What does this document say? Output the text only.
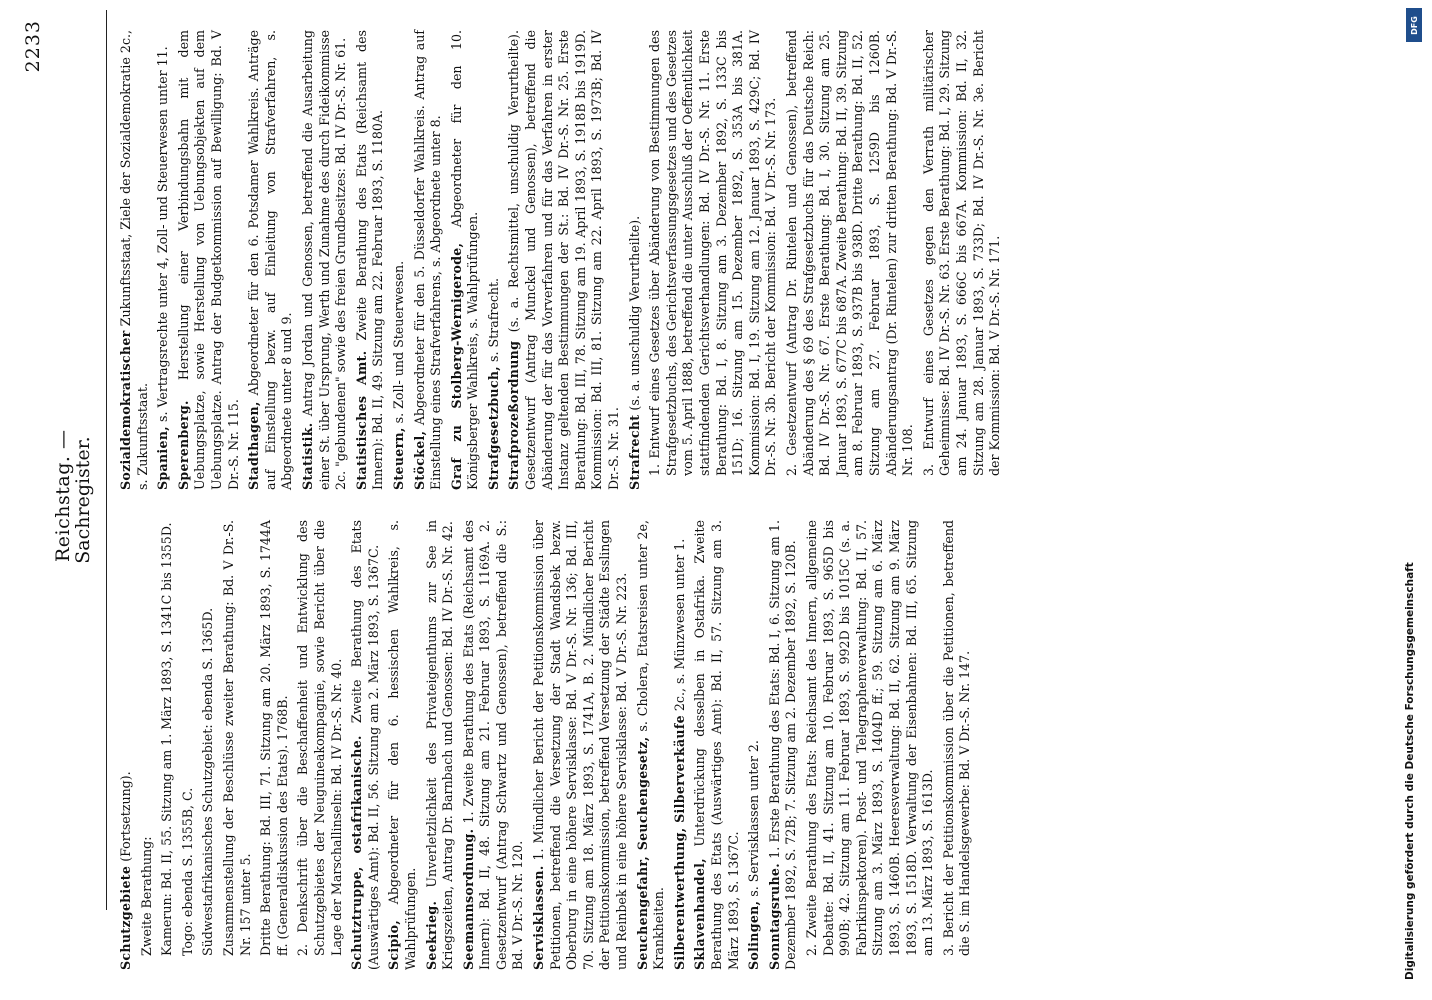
Reichstag. —
Sachregister.
2233
Schutzgebiete (Fortsetzung).
Zweite Berathung: Kamerun: Bd. II, 55. Sitzung am 1. März 1893, S. 1341C bis 1355D. Togo: ebenda S. 1355B, C. Südwestafrikanisches Schutzgebiet: ebenda S. 1365D. Zusammenstellung der Beschlüsse zweiter Berathung: Bd. V Dr.-S. Nr. 157 unter 5. Dritte Berathung: Bd. III, 71. Sitzung am 20. März 1893, S. 1744A ff. (Generaldiskussion des Etats). 1768B. 2. Denkschrift über die Beschaffenheit und Entwicklung des Schutzgebietes der Neuguineakompagnie, sowie Bericht über die Lage der Marschallinseln: Bd. IV Dr.-S. Nr. 40. Schutztruppe, ostafrikanische. Zweite Berathung des Etats (Auswärtiges Amt): Bd. II, 56. Sitzung am 2. März 1893, S. 1367C. Scipio, Abgeordneter für den 6. hessischen Wahlkreis, s. Wahlprüfungen. Seekrieg. Unverletzlichkeit des Privateigenthums zur See in Kriegszeiten, Antrag Dr. Barnbach und Genossen: Bd. IV Dr.-S. Nr. 42. Seemannsordnung. 1. Zweite Berathung des Etats (Reichsamt des Innern): Bd. II, 48. Sitzung am 21. Februar 1893, S. 1169A. 2. Gesetzentwurf (Antrag Schwartz und Genossen), betreffend die S.: Bd. V Dr.-S. Nr. 120. Servisklassen. 1. Mündlicher Bericht der Petitionskommission über Petitionen, betreffend die Versetzung der Stadt Wandsbek bezw. Oberburg in eine höhere Servisklasse: Bd. V Dr.-S. Nr. 136; Bd. III, 70. Sitzung am 18. März 1893, S. 1741A, B. 2. Mündlicher Bericht der Petitionskommission, betreffend Versetzung der Städte Esslingen und Reinbek in eine höhere Servisklasse: Bd. V Dr.-S. Nr. 223. Seuchengefahr, Seuchengesetz, s. Cholera, Etatsreisen unter 2e, Krankheiten. Silberentwerthung, Silberverkäufe 2c., s. Münzwesen unter 1.
Sklavenhandel, Unterdrückung desselben in Ostafrika. Zweite Berathung des Etats (Auswärtiges Amt): Bd. II, 57. Sitzung am 3. März 1893, S. 1367C. Solingen, s. Servisklassen unter 2.
Sonntagsruhe. 1. Erste Berathung des Etats: Bd. I, 6. Sitzung am 1. Dezember 1892, S. 72B; 7. Sitzung am 2. Dezember 1892, S. 120B. 2. Zweite Berathung des Etats: Reichsamt des Innern, allgemeine Debatte: Bd. II, 41. Sitzung am 10. Februar 1893, S. 965D bis 990B; 42. Sitzung am 11. Februar 1893, S. 992D bis 1015C (s. a. Fabrikinspektoren). Post- und Telegraphenverwaltung: Bd. II, 57. Sitzung am 3. März 1893, S. 1404D ff.; 59. Sitzung am 6. März 1893, S. 1460B. Heeresverwaltung: Bd. II, 62. Sitzung am 9. März 1893, S. 1518D. Verwaltung der Eisenbahnen: Bd. III, 65. Sitzung am 13. März 1893, S. 1613D. 3. Bericht der Petitionskommission über die Petitionen, betreffend die S. im Handelsgewerbe: Bd. V Dr.-S. Nr. 147.
Sozialdemokratischer Zukunftsstaat, Ziele der Sozialdemokratie 2c., s. Zukunftsstaat. Spanien, s. Vertragsrechte unter 4, Zoll- und Steuerwesen unter 11.
Sperenberg. Herstellung einer Verbindungsbahn mit dem Uebungsplatze, sowie Herstellung von Uebungsobjekten auf dem Uebungsplatze. Antrag der Budgetkommission auf Bewilligung: Bd. V Dr.-S. Nr. 115. Stadthagen, Abgeordneter für den 6. Potsdamer Wahlkreis. Anträge auf Einstellung bezw. auf Einleitung von Strafverfahren, s. Abgeordnete unter 8 und 9. Statistik. Antrag Jordan und Genossen, betreffend die Ausarbeitung einer St. über Ursprung, Werth und Zunahme des durch Fideikommisse 2c. "gebundenen" sowie des freien Grundbesitzes: Bd. IV Dr.-S. Nr. 61. Statistisches Amt. Zweite Berathung des Etats (Reichsamt des Innern): Bd. II, 49. Sitzung am 22. Februar 1893, S. 1180A. Steuern, s. Zoll- und Steuerwesen.
Stöckel, Abgeordneter für den 5. Düsseldorfer Wahlkreis. Antrag auf Einstellung eines Strafverfahrens, s. Abgeordnete unter 8. Graf zu Stolberg-Wernigerode, Abgeordneter für den 10. Königsberger Wahlkreis, s. Wahlprüfungen. Strafgesetzbuch, s. Strafrecht.
Strafprozeßordnung (s. a. Rechtsmittel, unschuldig Verurtheilte). Gesetzentwurf (Antrag Munckel und Genossen), betreffend die Abänderung der für das Vorverfahren und für das Verfahren in erster Instanz geltenden Bestimmungen der St.: Bd. IV Dr.-S. Nr. 25. Erste Berathung: Bd. III, 78. Sitzung am 19. April 1893, S. 1918B bis 1919D. Kommission: Bd. III, 81. Sitzung am 22. April 1893, S. 1973B; Bd. IV Dr.-S. Nr. 31. Strafrecht (s. a. unschuldig Verurtheilte). 1. Entwurf eines Gesetzes über Abänderung von Bestimmungen des Strafgesetzbuchs, des Gerichtsverfassungsgesetzes und des Gesetzes vom 5. April 1888, betreffend die unter Ausschluß der Oeffentlichkeit stattfindenden Gerichtsverhandlungen: Bd. IV Dr.-S. Nr. 11. Erste Berathung: Bd. I, 8. Sitzung am 3. Dezember 1892, S. 133C bis 151D; 16. Sitzung am 15. Dezember 1892, S. 353A bis 381A. Kommission: Bd. I, 19. Sitzung am 12. Januar 1893, S. 429C; Bd. IV Dr.-S. Nr. 3b. Bericht der Kommission: Bd. V Dr.-S. Nr. 173. 2. Gesetzentwurf (Antrag Dr. Rintelen und Genossen), betreffend Abänderung des § 69 des Strafgesetzbuchs für das Deutsche Reich: Bd. IV Dr.-S. Nr. 67. Erste Berathung: Bd. I, 30. Sitzung am 25. Januar 1893, S. 677C bis 687A. Zweite Berathung: Bd. II, 39. Sitzung am 8. Februar 1893, S. 937B bis 938D. Dritte Berathung: Bd. II, 52. Sitzung am 27. Februar 1893, S. 1259D bis 1260B. Abänderungsantrag (Dr. Rintelen) zur dritten Berathung: Bd. V Dr.-S. Nr. 108. 3. Entwurf eines Gesetzes gegen den Verrath militärischer Geheimnisse: Bd. IV Dr.-S. Nr. 63. Erste Berathung: Bd. I, 29. Sitzung am 24. Januar 1893, S. 666C bis 667A. Kommission: Bd. II, 32. Sitzung am 28. Januar 1893, S. 733D; Bd. IV Dr.-S. Nr. 3e. Bericht der Kommission: Bd. V Dr.-S. Nr. 171.
Digitalisierung gefördert durch die Deutsche Forschungsgemeinschaft
DFG
